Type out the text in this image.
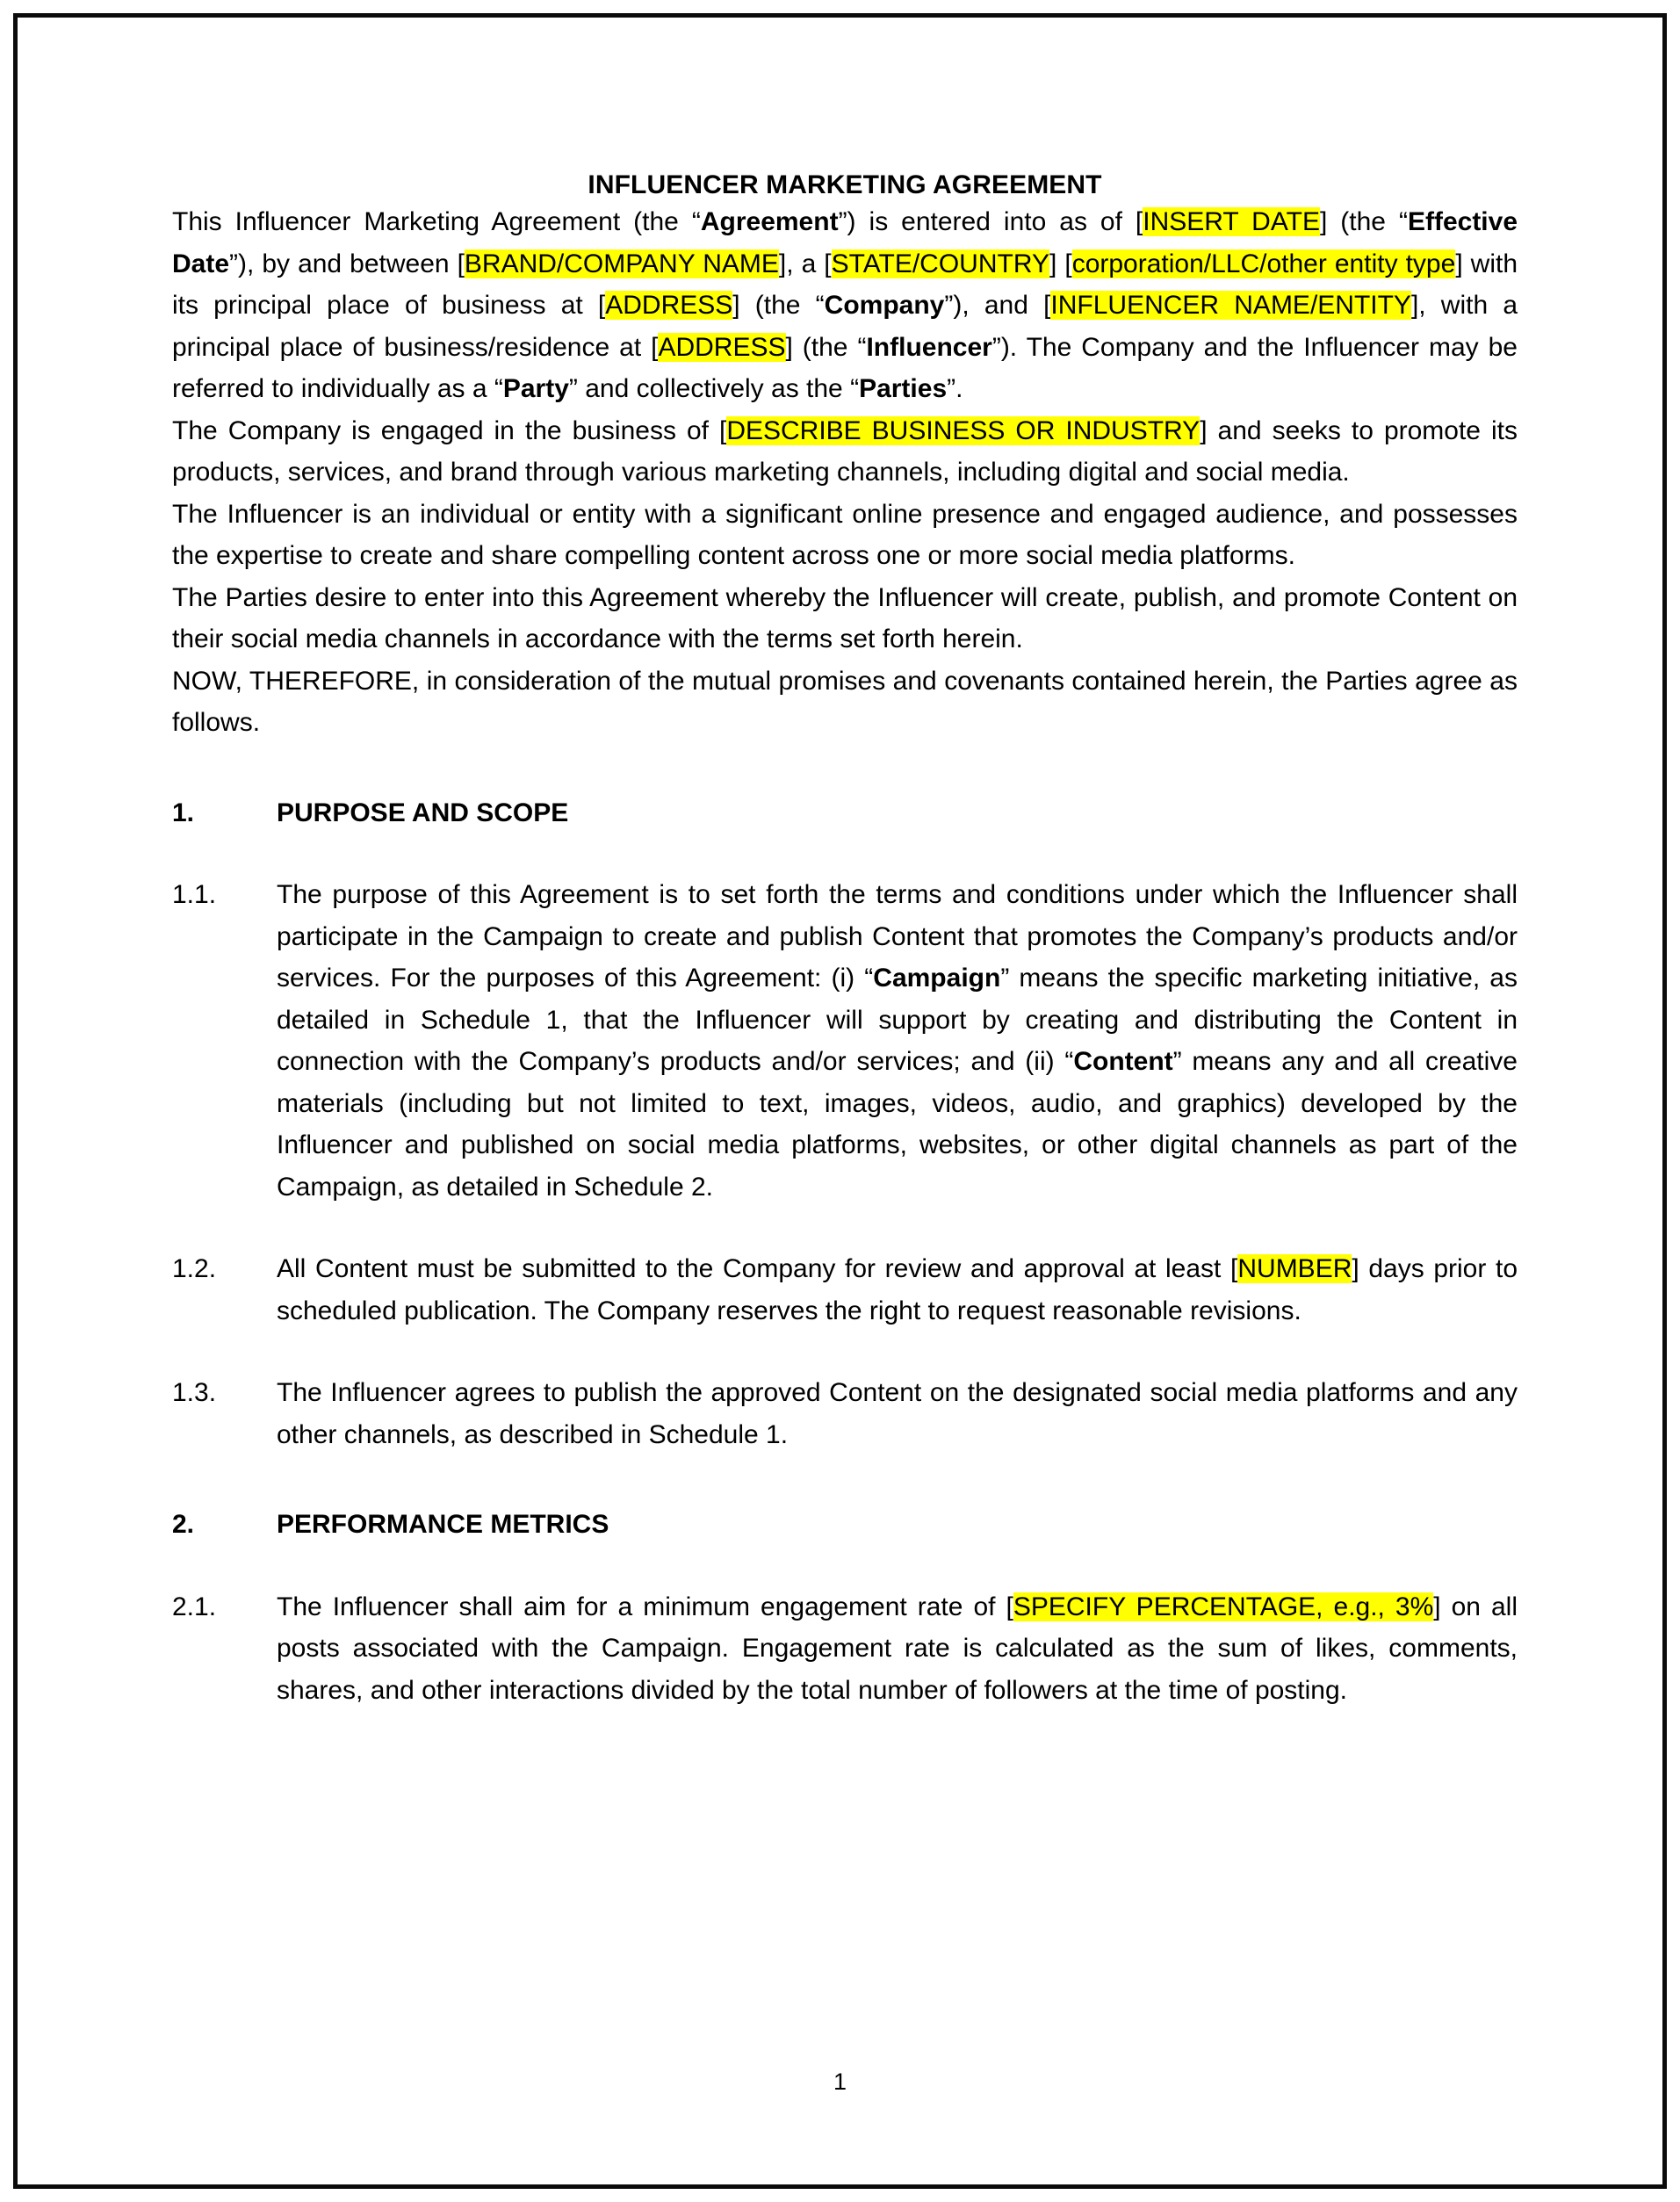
INFLUENCER MARKETING AGREEMENT

This Influencer Marketing Agreement (the “Agreement”) is entered into as of [INSERT DATE] (the “Effective Date”), by and between [BRAND/COMPANY NAME], a [STATE/COUNTRY] [corporation/LLC/other entity type] with its principal place of business at [ADDRESS] (the “Company”), and [INFLUENCER NAME/ENTITY], with a principal place of business/residence at [ADDRESS] (the “Influencer”). The Company and the Influencer may be referred to individually as a “Party” and collectively as the “Parties”.

The Company is engaged in the business of [DESCRIBE BUSINESS OR INDUSTRY] and seeks to promote its products, services, and brand through various marketing channels, including digital and social media.

The Influencer is an individual or entity with a significant online presence and engaged audience, and possesses the expertise to create and share compelling content across one or more social media platforms.

The Parties desire to enter into this Agreement whereby the Influencer will create, publish, and promote Content on their social media channels in accordance with the terms set forth herein.

NOW, THEREFORE, in consideration of the mutual promises and covenants contained herein, the Parties agree as follows.

1.	PURPOSE AND SCOPE
1.1.	The purpose of this Agreement is to set forth the terms and conditions under which the Influencer shall participate in the Campaign to create and publish Content that promotes the Company’s products and/or services. For the purposes of this Agreement: (i) “Campaign” means the specific marketing initiative, as detailed in Schedule 1, that the Influencer will support by creating and distributing the Content in connection with the Company’s products and/or services; and (ii) “Content” means any and all creative materials (including but not limited to text, images, videos, audio, and graphics) developed by the Influencer and published on social media platforms, websites, or other digital channels as part of the Campaign, as detailed in Schedule 2.
1.2.	All Content must be submitted to the Company for review and approval at least [NUMBER] days prior to scheduled publication. The Company reserves the right to request reasonable revisions.
1.3.	The Influencer agrees to publish the approved Content on the designated social media platforms and any other channels, as described in Schedule 1.
2.	PERFORMANCE METRICS
2.1.	The Influencer shall aim for a minimum engagement rate of [SPECIFY PERCENTAGE, e.g., 3%] on all posts associated with the Campaign. Engagement rate is calculated as the sum of likes, comments, shares, and other interactions divided by the total number of followers at the time of posting.
1
